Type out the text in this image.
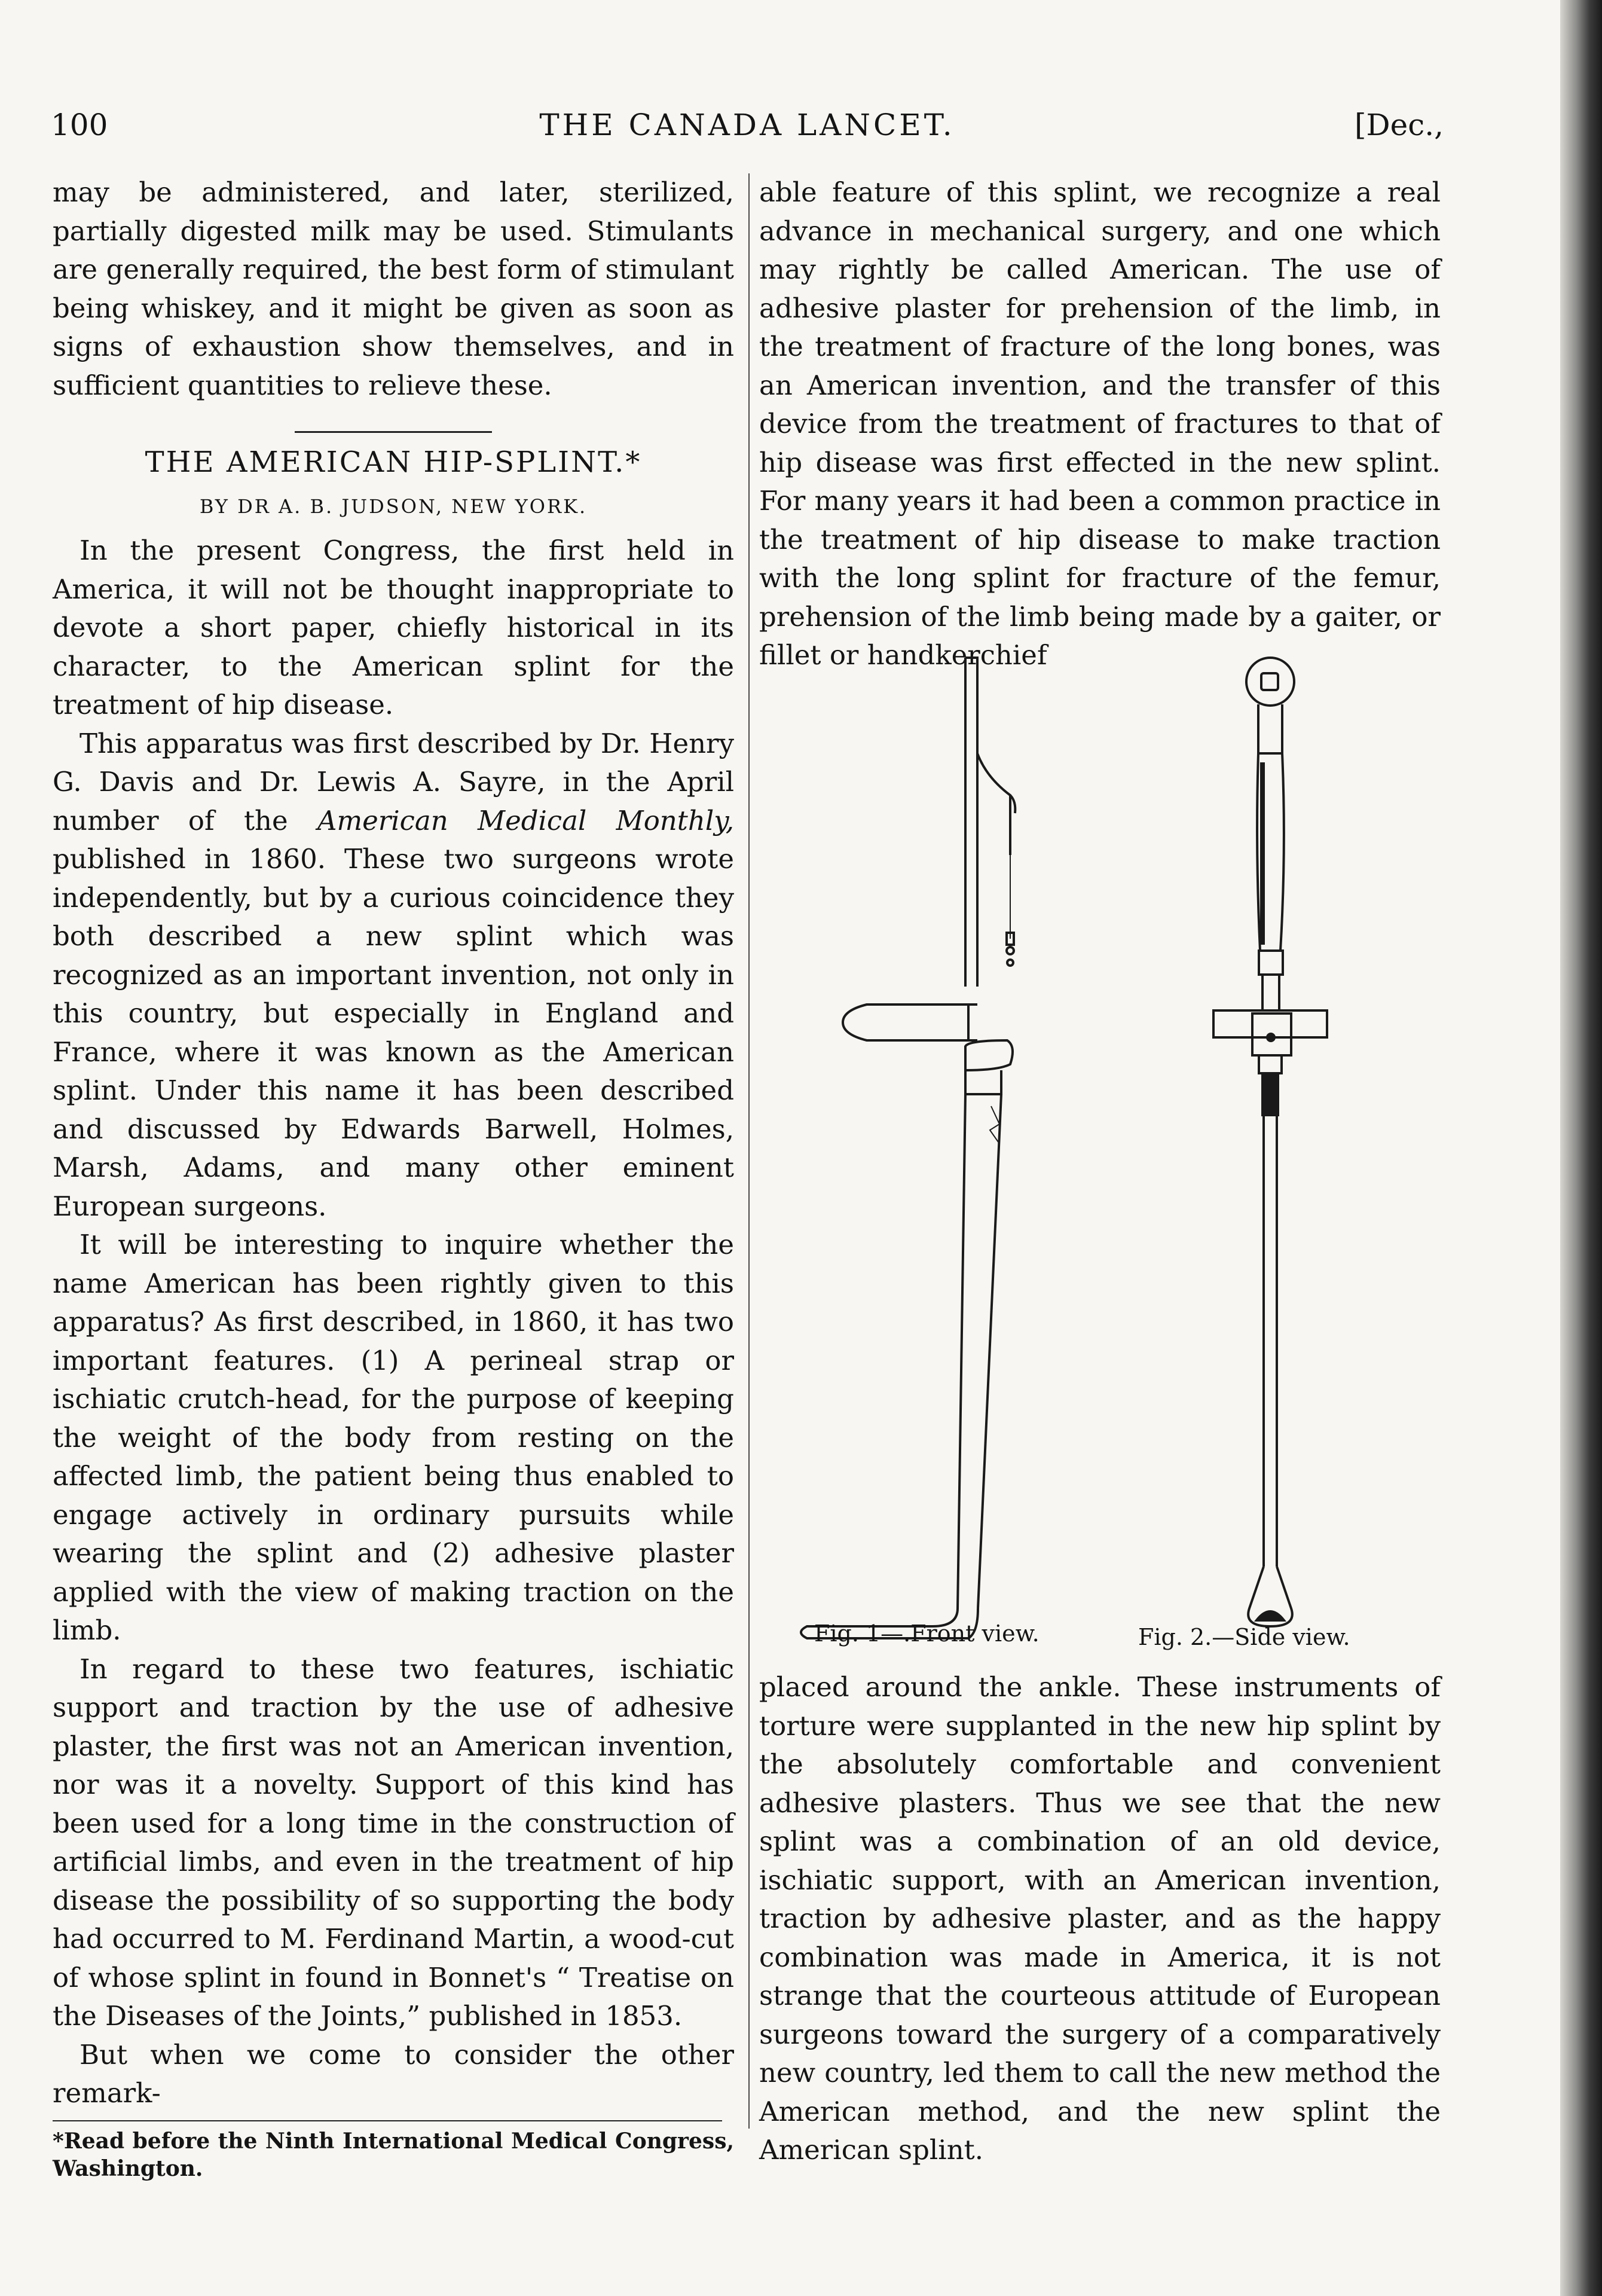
100	THE CANADA LANCET.	[Dec.,

may be administered, and later, sterilized, partially digested milk may be used. Stimulants are generally required, the best form of stimulant being whiskey, and it might be given as soon as signs of exhaustion show themselves, and in sufficient quantities to relieve these.

THE AMERICAN HIP-SPLINT.*
BY DR A. B. JUDSON, NEW YORK.

In the present Congress, the first held in America, it will not be thought inappropriate to devote a short paper, chiefly historical in its character, to the American splint for the treatment of hip disease.

This apparatus was first described by Dr. Henry G. Davis and Dr. Lewis A. Sayre, in the April number of the American Medical Monthly, published in 1860. These two surgeons wrote independently, but by a curious coincidence they both described a new splint which was recognized as an important invention, not only in this country, but especially in England and France, where it was known as the American splint. Under this name it has been described and discussed by Edwards Barwell, Holmes, Marsh, Adams, and many other eminent European surgeons.

It will be interesting to inquire whether the name American has been rightly given to this apparatus? As first described, in 1860, it has two important features. (1) A perineal strap or ischiatic crutch-head, for the purpose of keeping the weight of the body from resting on the affected limb, the patient being thus enabled to engage actively in ordinary pursuits while wearing the splint and (2) adhesive plaster applied with the view of making traction on the limb.

In regard to these two features, ischiatic support and traction by the use of adhesive plaster, the first was not an American invention, nor was it a novelty. Support of this kind has been used for a long time in the construction of artificial limbs, and even in the treatment of hip disease the possibility of so supporting the body had occurred to M. Ferdinand Martin, a wood-cut of whose splint in found in Bonnet's “ Treatise on the Diseases of the Joints,” published in 1853.

But when we come to consider the other remark-

*Read before the Ninth International Medical Congress, Washington.

able feature of this splint, we recognize a real advance in mechanical surgery, and one which may rightly be called American. The use of adhesive plaster for prehension of the limb, in the treatment of fracture of the long bones, was an American invention, and the transfer of this device from the treatment of fractures to that of hip disease was first effected in the new splint. For many years it had been a common practice in the treatment of hip disease to make traction with the long splint for fracture of the femur, prehension of the limb being made by a gaiter, or fillet or handkerchief

Fig. 1—.Front view.	Fig. 2.—Side view.

placed around the ankle. These instruments of torture were supplanted in the new hip splint by the absolutely comfortable and convenient adhesive plasters. Thus we see that the new splint was a combination of an old device, ischiatic support, with an American invention, traction by adhesive plaster, and as the happy combination was made in America, it is not strange that the courteous attitude of European surgeons toward the surgery of a comparatively new country, led them to call the new method the American method, and the new splint the American splint.
